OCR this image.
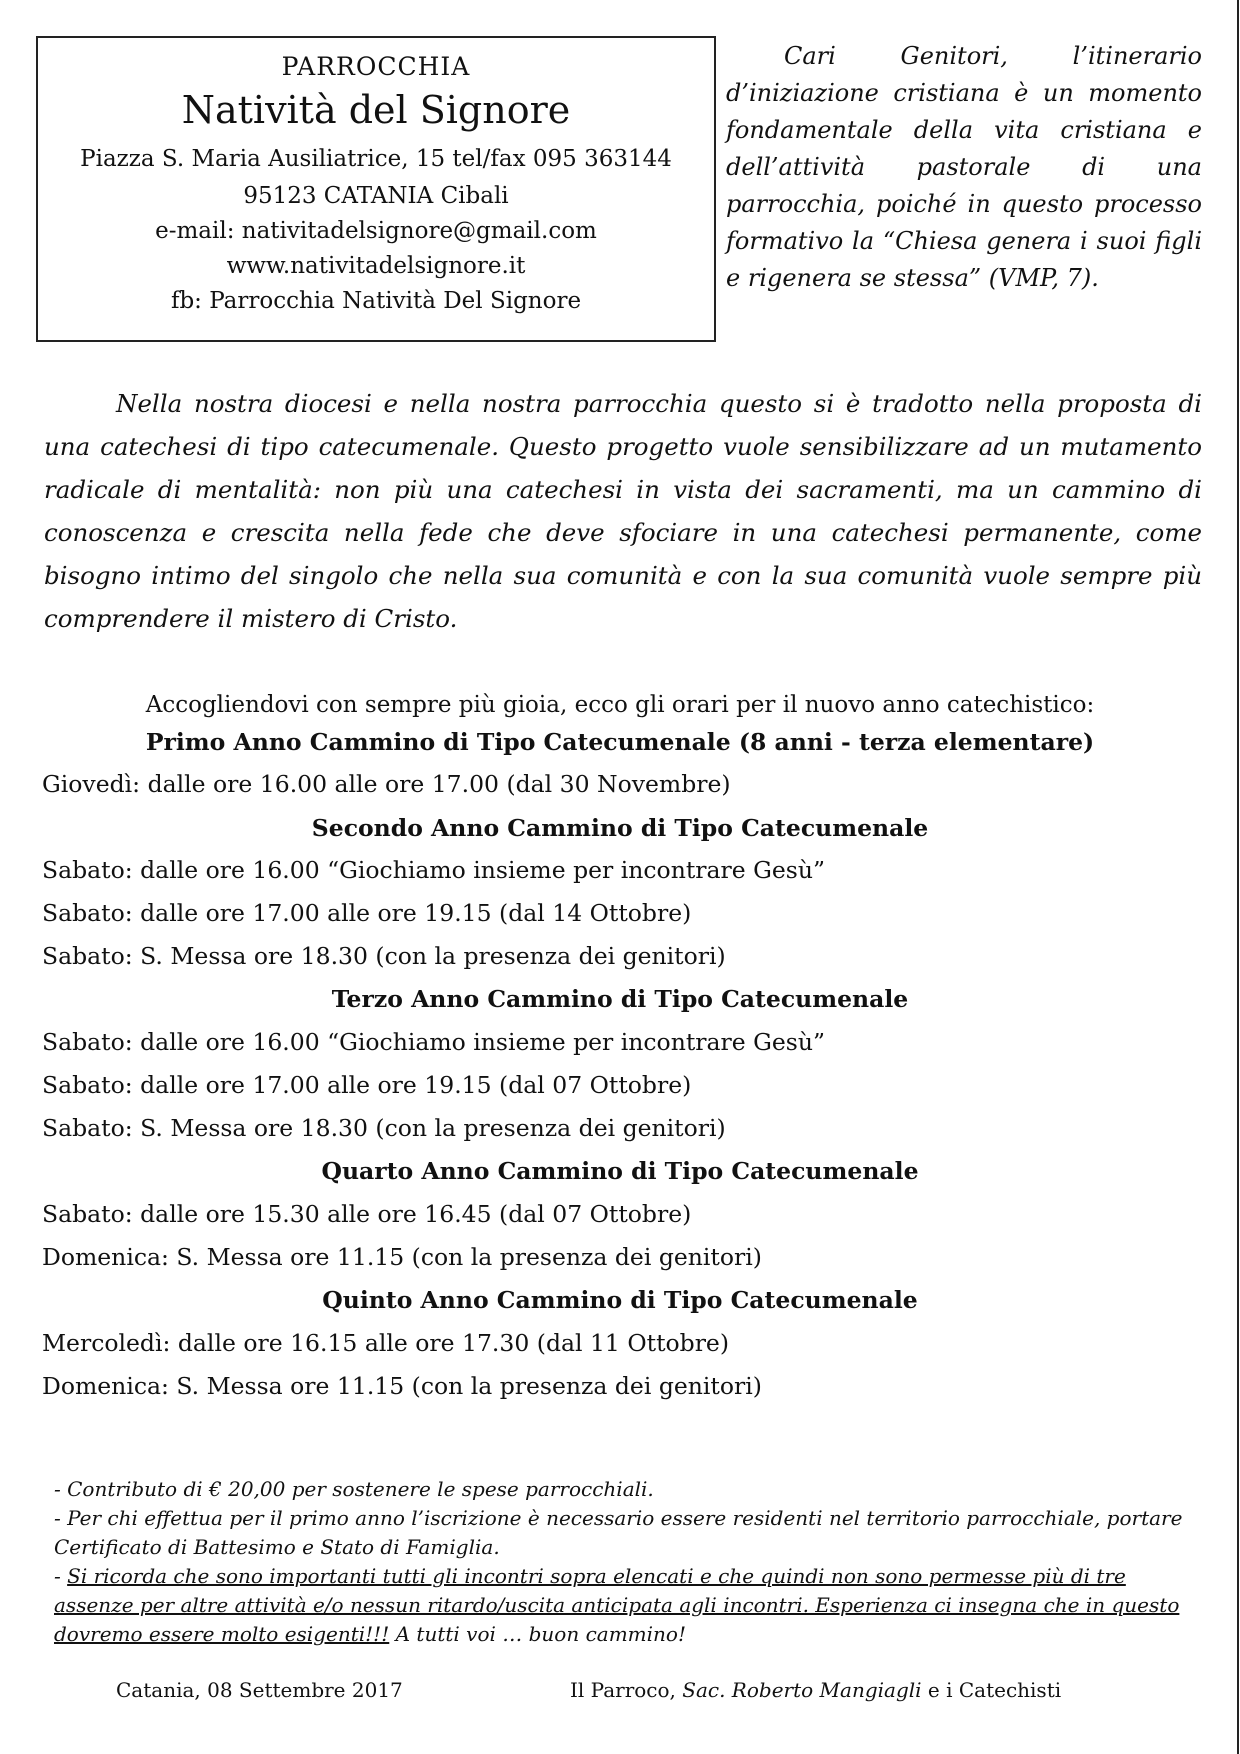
PARROCCHIA
Natività del Signore
Piazza S. Maria Ausiliatrice, 15 tel/fax 095 363144
95123 CATANIA Cibali
e-mail: nativitadelsignore@gmail.com
www.nativitadelsignore.it
fb: Parrocchia Natività Del Signore
Cari Genitori, l’itinerario d’iniziazione cristiana è un momento fondamentale della vita cristiana e dell’attività pastorale di una parrocchia, poiché in questo processo formativo la “Chiesa genera i suoi figli e rigenera se stessa” (VMP, 7).
Nella nostra diocesi e nella nostra parrocchia questo si è tradotto nella proposta di una catechesi di tipo catecumenale. Questo progetto vuole sensibilizzare ad un mutamento radicale di mentalità: non più una catechesi in vista dei sacramenti, ma un cammino di conoscenza e crescita nella fede che deve sfociare in una catechesi permanente, come bisogno intimo del singolo che nella sua comunità e con la sua comunità vuole sempre più comprendere il mistero di Cristo.
Accogliendovi con sempre più gioia, ecco gli orari per il nuovo anno catechistico:
Primo Anno Cammino di Tipo Catecumenale (8 anni - terza elementare)
Giovedì: dalle ore 16.00 alle ore 17.00 (dal 30 Novembre)
Secondo Anno Cammino di Tipo Catecumenale
Sabato: dalle ore 16.00 “Giochiamo insieme per incontrare Gesù”
Sabato: dalle ore 17.00 alle ore 19.15 (dal 14 Ottobre)
Sabato: S. Messa ore 18.30 (con la presenza dei genitori)
Terzo Anno Cammino di Tipo Catecumenale
Sabato: dalle ore 16.00 “Giochiamo insieme per incontrare Gesù”
Sabato: dalle ore 17.00 alle ore 19.15 (dal 07 Ottobre)
Sabato: S. Messa ore 18.30 (con la presenza dei genitori)
Quarto Anno Cammino di Tipo Catecumenale
Sabato: dalle ore 15.30 alle ore 16.45 (dal 07 Ottobre)
Domenica: S. Messa ore 11.15 (con la presenza dei genitori)
Quinto Anno Cammino di Tipo Catecumenale
Mercoledì: dalle ore 16.15 alle ore 17.30 (dal 11 Ottobre)
Domenica: S. Messa ore 11.15 (con la presenza dei genitori)
- Contributo di € 20,00 per sostenere le spese parrocchiali.
- Per chi effettua per il primo anno l’iscrizione è necessario essere residenti nel territorio parrocchiale, portare Certificato di Battesimo e Stato di Famiglia.
- Si ricorda che sono importanti tutti gli incontri sopra elencati e che quindi non sono permesse più di tre assenze per altre attività e/o nessun ritardo/uscita anticipata agli incontri. Esperienza ci insegna che in questo dovremo essere molto esigenti!!! A tutti voi … buon cammino!
Catania, 08 Settembre 2017	Il Parroco, Sac. Roberto Mangiagli e i Catechisti
